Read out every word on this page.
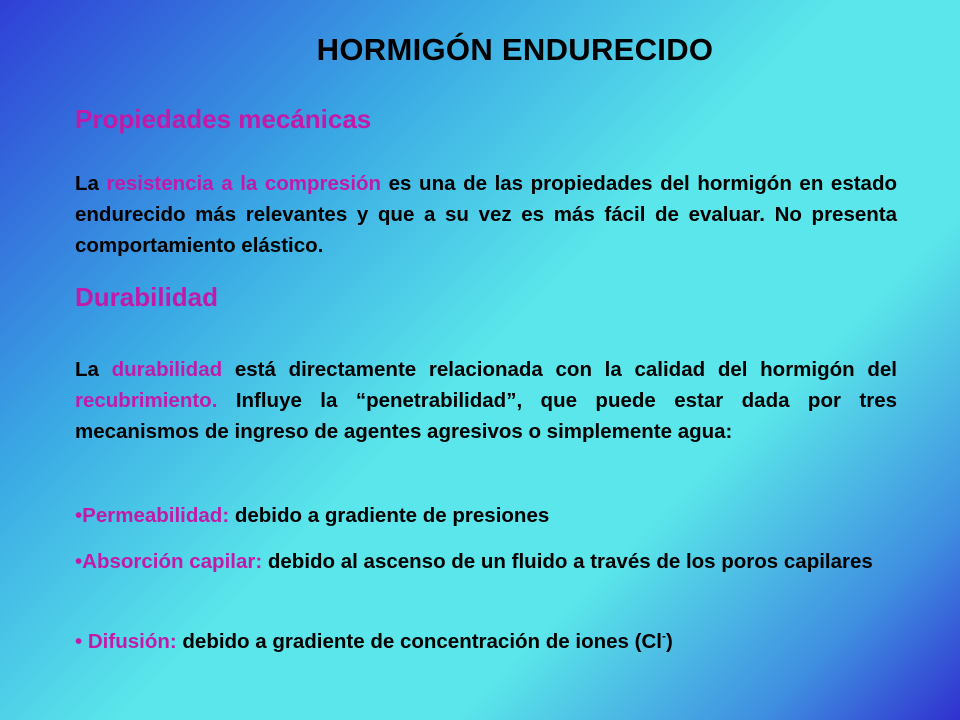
HORMIGÓN ENDURECIDO
Propiedades mecánicas
La resistencia a la compresión es una de las propiedades del hormigón en estado endurecido más relevantes y que a su vez es más fácil de evaluar. No presenta comportamiento elástico.
Durabilidad
La durabilidad está directamente relacionada con la calidad del hormigón del recubrimiento. Influye la “penetrabilidad”, que puede estar dada por tres mecanismos de ingreso de agentes agresivos o simplemente agua:
•Permeabilidad: debido a gradiente de presiones
•Absorción capilar: debido al ascenso de un fluido a través de los poros capilares
• Difusión: debido a gradiente de concentración de iones (Cl-)
